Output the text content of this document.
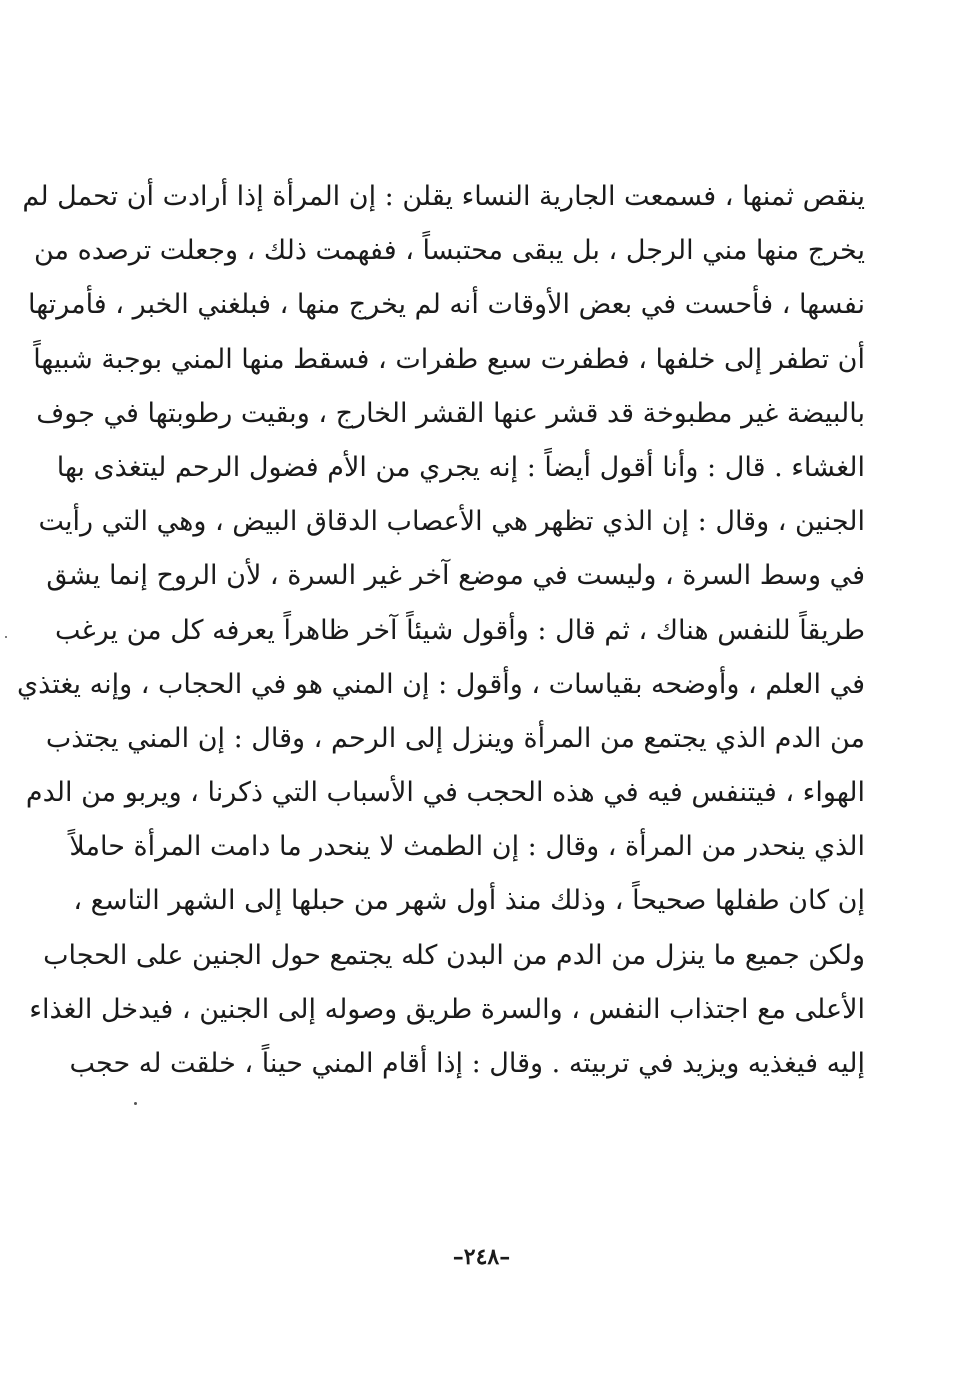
ينقص ثمنها ، فسمعت الجارية النساء يقلن : إن المرأة إذا أرادت أن تحمل لم
يخرج منها مني الرجل ، بل يبقى محتبساً ، ففهمت ذلك ، وجعلت ترصده من
نفسها ، فأحست في بعض الأوقات أنه لم يخرج منها ، فبلغني الخبر ، فأمرتها
أن تطفر إلى خلفها ، فطفرت سبع طفرات ، فسقط منها المني بوجبة شبيهاً
بالبيضة غير مطبوخة قد قشر عنها القشر الخارج ، وبقيت رطوبتها في جوف
الغشاء . قال : وأنا أقول أيضاً : إنه يجري من الأم فضول الرحم ليتغذى بها
الجنين ، وقال : إن الذي تظهر هي الأعصاب الدقاق البيض ، وهي التي رأيت
في وسط السرة ، وليست في موضع آخر غير السرة ، لأن الروح إنما يشق
طريقاً للنفس هناك ، ثم قال : وأقول شيئاً آخر ظاهراً يعرفه كل من يرغب
في العلم ، وأوضحه بقياسات ، وأقول : إن المني هو في الحجاب ، وإنه يغتذي
من الدم الذي يجتمع من المرأة وينزل إلى الرحم ، وقال : إن المني يجتذب
الهواء ، فيتنفس فيه في هذه الحجب في الأسباب التي ذكرنا ، ويربو من الدم
الذي ينحدر من المرأة ، وقال : إن الطمث لا ينحدر ما دامت المرأة حاملاً
إن كان طفلها صحيحاً ، وذلك منذ أول شهر من حبلها إلى الشهر التاسع ،
ولكن جميع ما ينزل من الدم من البدن كله يجتمع حول الجنين على الحجاب
الأعلى مع اجتذاب النفس ، والسرة طريق وصوله إلى الجنين ، فيدخل الغذاء
إليه فيغذيه ويزيد في تربيته . وقال : إذا أقام المني حيناً ، خلقت له حجب
–٢٤٨–
